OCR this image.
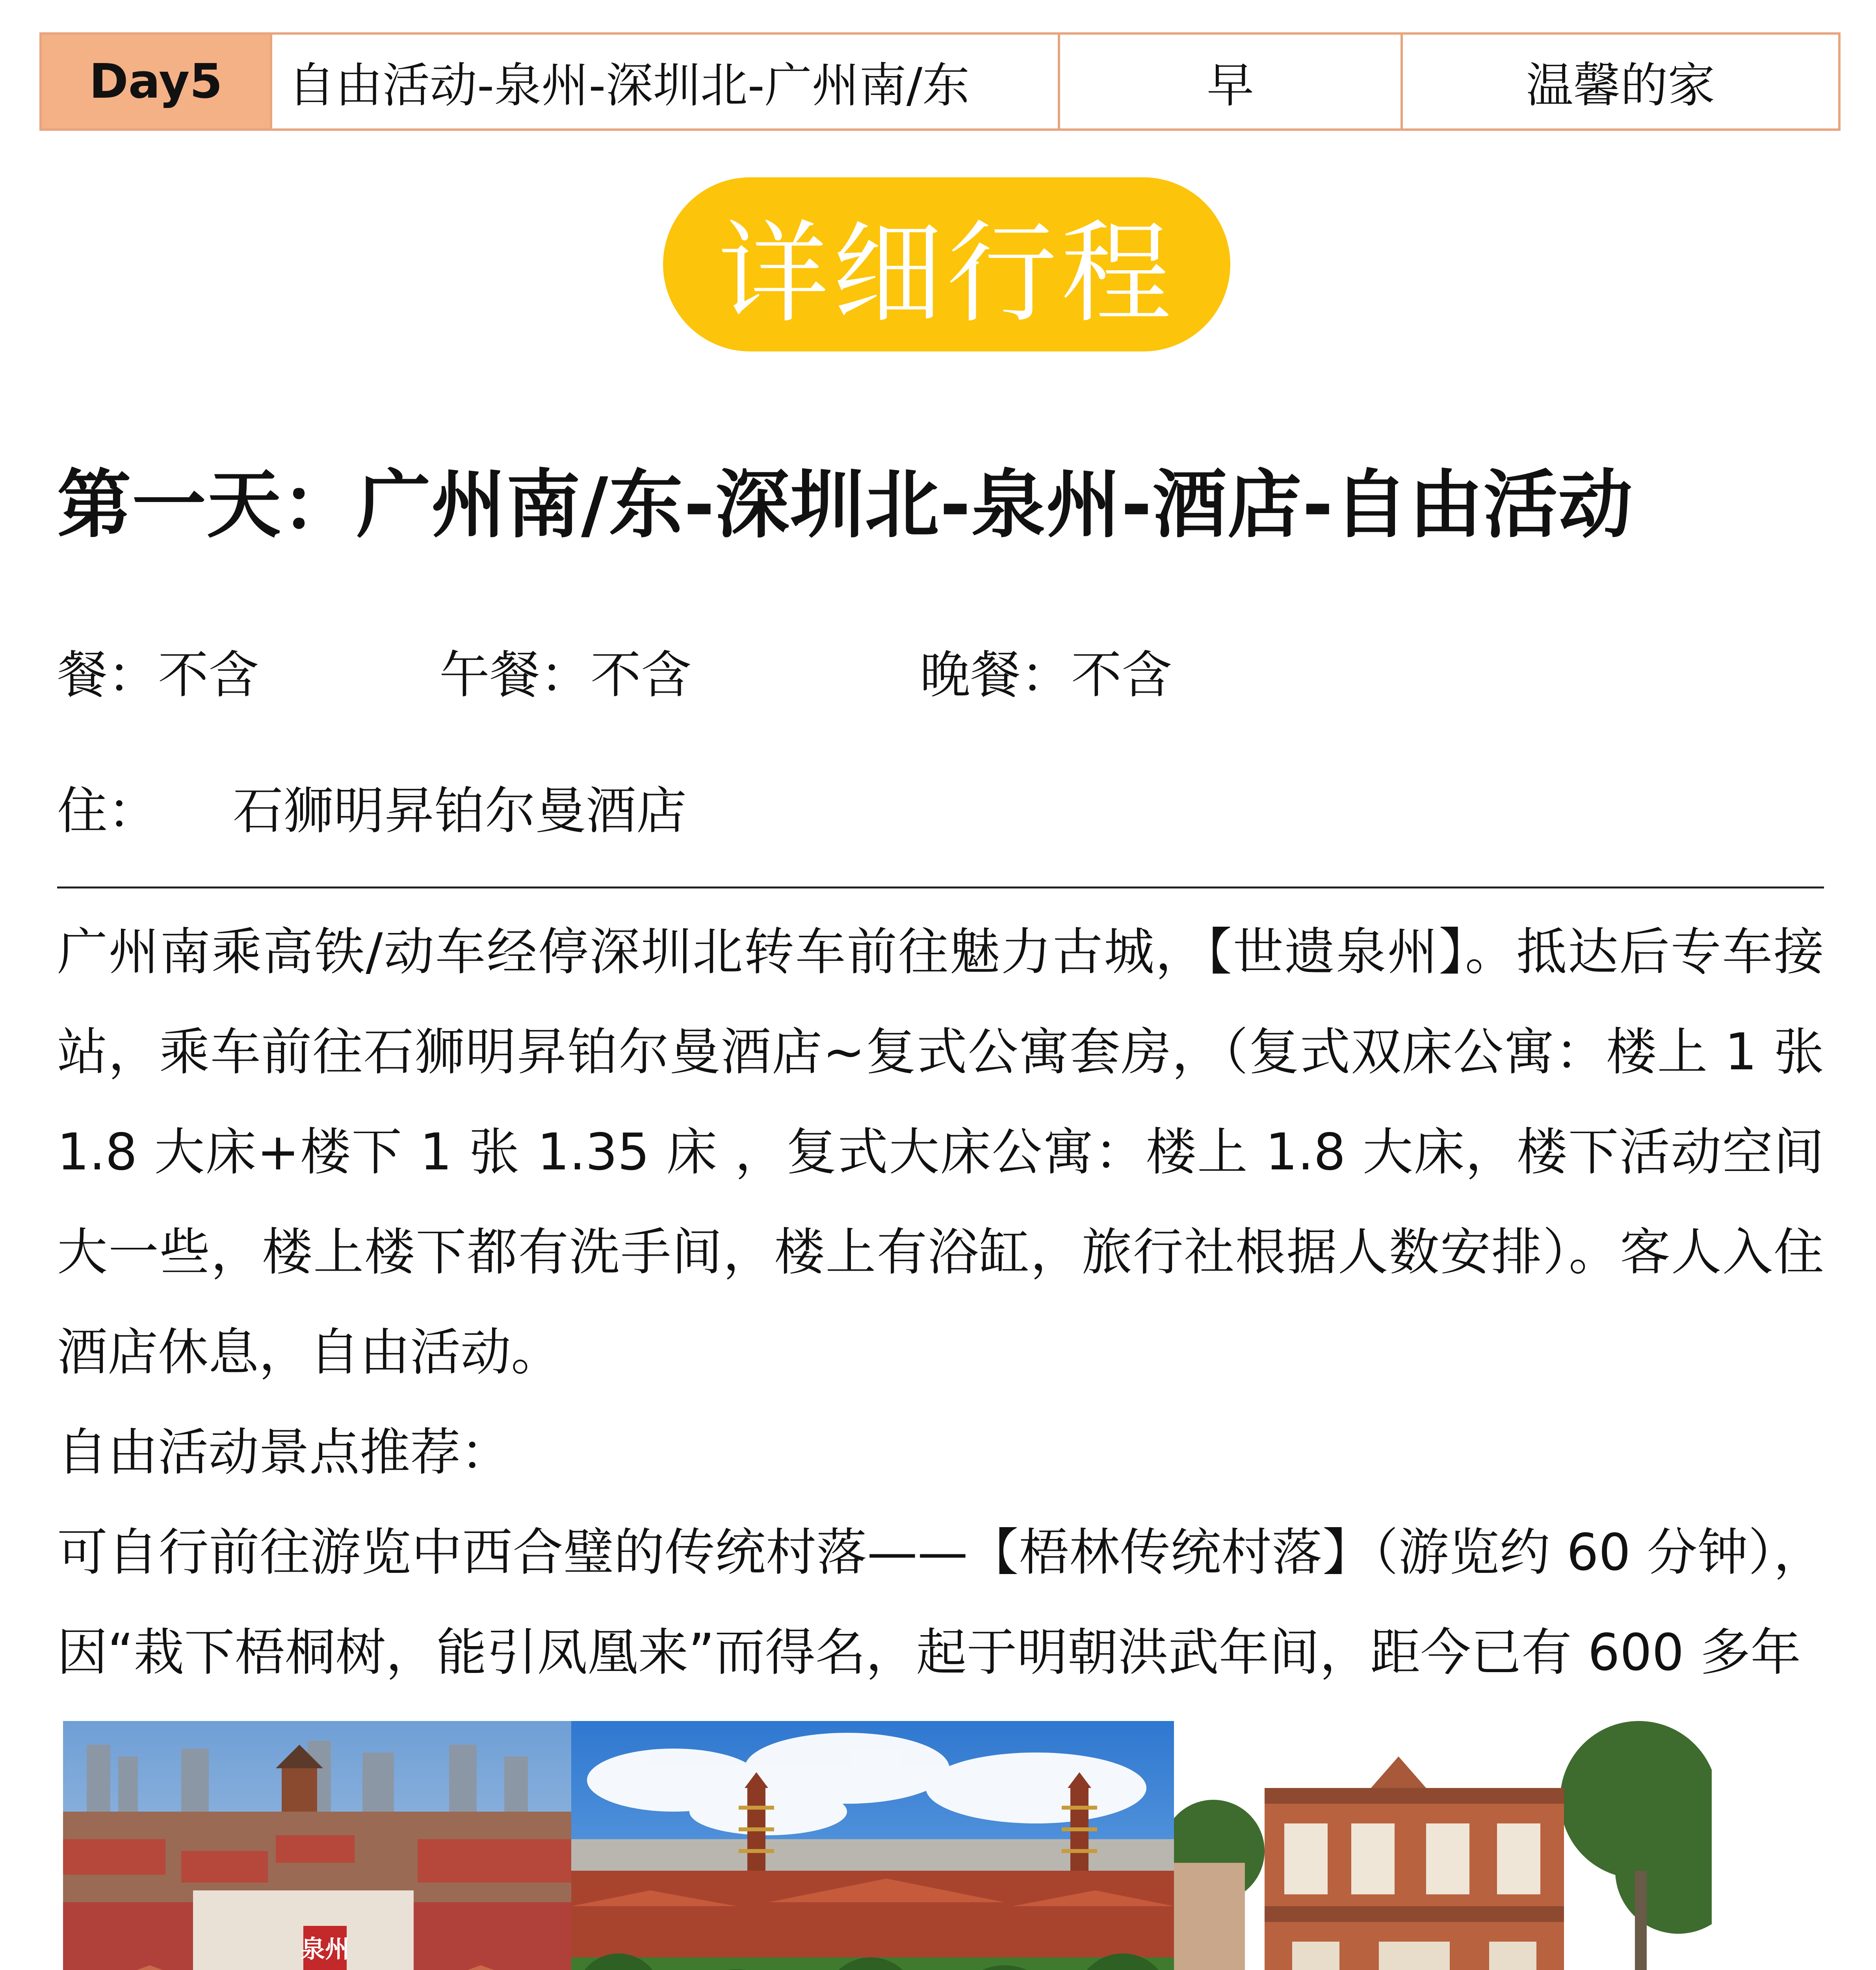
Day5	自由活动-泉州-深圳北-广州南/东	早	温馨的家
详细行程
第一天：广州南/东-深圳北-泉州-酒店-自由活动
餐：不含	午餐：不含	晚餐：不含
住： 石狮明昇铂尔曼酒店

广州南乘高铁/动车经停深圳北转车前往魅力古城，【世遗泉州】。抵达后专车接站，乘车前往石狮明昇铂尔曼酒店~复式公寓套房，（复式双床公寓：楼上 1 张 1.8 大床+楼下 1 张 1.35 床 ，复式大床公寓：楼上 1.8 大床，楼下活动空间大一些，楼上楼下都有洗手间，楼上有浴缸，旅行社根据人数安排）。客人入住酒店休息，自由活动。

自由活动景点推荐：

可自行前往游览中西合璧的传统村落——【梧林传统村落】（游览约 60 分钟），因“栽下梧桐树，能引凤凰来”而得名，起于明朝洪武年间，距今已有 600 多年

泉州
